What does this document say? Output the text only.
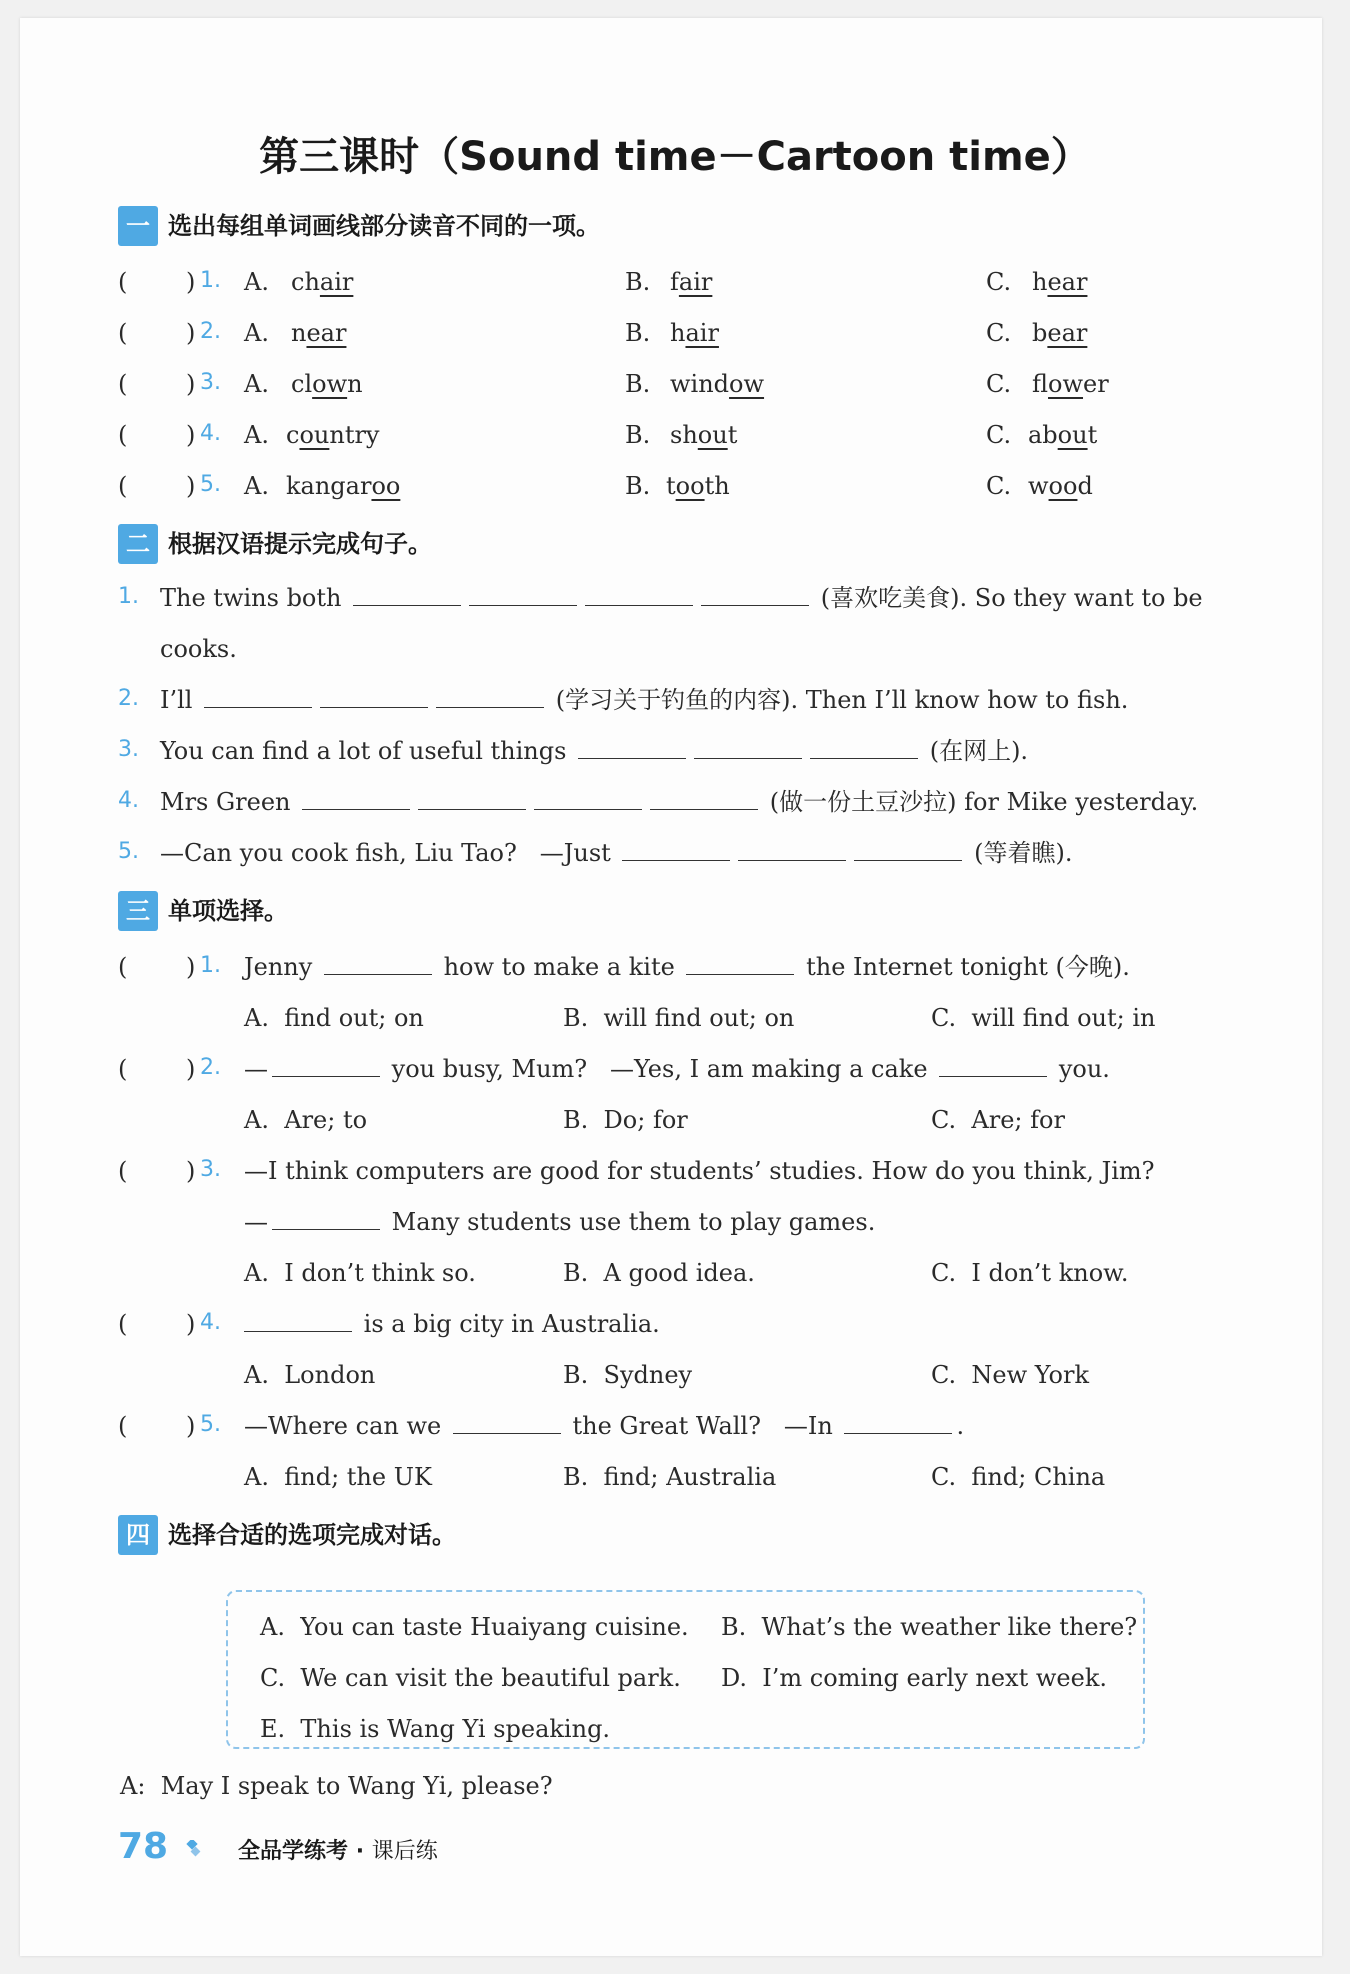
第三课时（Sound time－Cartoon time）
一 选出每组单词画线部分读音不同的一项。
( ) 1. A. chair	B. fair	C. hear
( ) 2. A. near	B. hair	C. bear
( ) 3. A. clown	B. window	C. flower
( ) 4. A. country	B. shout	C. about
( ) 5. A. kangaroo	B. tooth	C. wood
二 根据汉语提示完成句子。
1. The twins both	(喜欢吃美食). So they want to be
cooks.
2. I’ll	(学习关于钓鱼的内容). Then I’ll know how to fish.
3. You can find a lot of useful things	(在网上).
4. Mrs Green	(做一份土豆沙拉) for Mike yesterday.
5. —Can you cook fish, Liu Tao? —Just	(等着瞧).
三 单项选择。
( ) 1. Jenny	how to make a kite	the Internet tonight (今晚).
A. find out; on	B. will find out; on	C. will find out; in
( ) 2. —	you busy, Mum? —Yes, I am making a cake	you.
A. Are; to	B. Do; for	C. Are; for
( ) 3. —I think computers are good for students’ studies. How do you think, Jim?
—	Many students use them to play games.
A. I don’t think so.	B. A good idea.	C. I don’t know.
( ) 4.	is a big city in Australia.
A. London	B. Sydney	C. New York
( ) 5. —Where can we	the Great Wall? —In	.
A. find; the UK	B. find; Australia	C. find; China
四 选择合适的选项完成对话。
A. You can taste Huaiyang cuisine. B. What’s the weather like there?
C. We can visit the beautiful park. D. I’m coming early next week.
E. This is Wang Yi speaking.
A: May I speak to Wang Yi, please?
78	全品学练考 · 课后练
